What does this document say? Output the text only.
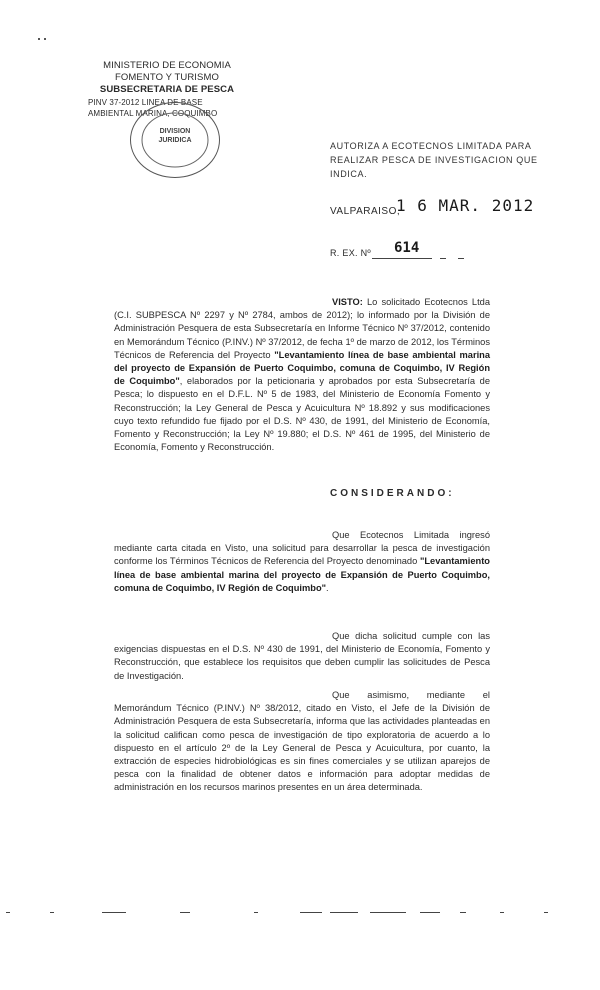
MINISTERIO DE ECONOMIA
FOMENTO Y TURISMO
SUBSECRETARIA DE PESCA
PINV 37-2012 LINEA DE BASE
AMBIENTAL MARINA, COQUIMBO
DIVISION
JURIDICA
AUTORIZA A ECOTECNOS LIMITADA PARA
REALIZAR PESCA DE INVESTIGACION QUE INDICA.
VALPARAISO,
1 6 MAR. 2012
R. EX. Nº 614
VISTO: Lo solicitado Ecotecnos Ltda (C.I. SUBPESCA Nº 2297 y Nº 2784, ambos de 2012); lo informado por la División de Administración Pesquera de esta Subsecretaría en Informe Técnico Nº 37/2012, contenido en Memorándum Técnico (P.INV.) Nº 37/2012, de fecha 1º de marzo de 2012, los Términos Técnicos de Referencia del Proyecto "Levantamiento línea de base ambiental marina del proyecto de Expansión de Puerto Coquimbo, comuna de Coquimbo, IV Región de Coquimbo", elaborados por la peticionaria y aprobados por esta Subsecretaría de Pesca; lo dispuesto en el D.F.L. Nº 5 de 1983, del Ministerio de Economía Fomento y Reconstrucción; la Ley General de Pesca y Acuicultura Nº 18.892 y sus modificaciones cuyo texto refundido fue fijado por el D.S. Nº 430, de 1991, del Ministerio de Economía, Fomento y Reconstrucción; la Ley Nº 19.880; el D.S. Nº 461 de 1995, del Ministerio de Economía, Fomento y Reconstrucción.
CONSIDERANDO:
Que Ecotecnos Limitada ingresó mediante carta citada en Visto, una solicitud para desarrollar la pesca de investigación conforme los Términos Técnicos de Referencia del Proyecto denominado "Levantamiento línea de base ambiental marina del proyecto de Expansión de Puerto Coquimbo, comuna de Coquimbo, IV Región de Coquimbo".
Que dicha solicitud cumple con las exigencias dispuestas en el D.S. Nº 430 de 1991, del Ministerio de Economía, Fomento y Reconstrucción, que establece los requisitos que deben cumplir las solicitudes de Pesca de Investigación.
Que asimismo, mediante el Memorándum Técnico (P.INV.) Nº 38/2012, citado en Visto, el Jefe de la División de Administración Pesquera de esta Subsecretaría, informa que las actividades planteadas en la solicitud califican como pesca de investigación de tipo exploratoria de acuerdo a lo dispuesto en el artículo 2º de la Ley General de Pesca y Acuicultura, por cuanto, la extracción de especies hidrobiológicas es sin fines comerciales y se utilizan aparejos de pesca con la finalidad de obtener datos e información para adoptar medidas de administración en los recursos marinos presentes en un área determinada.
